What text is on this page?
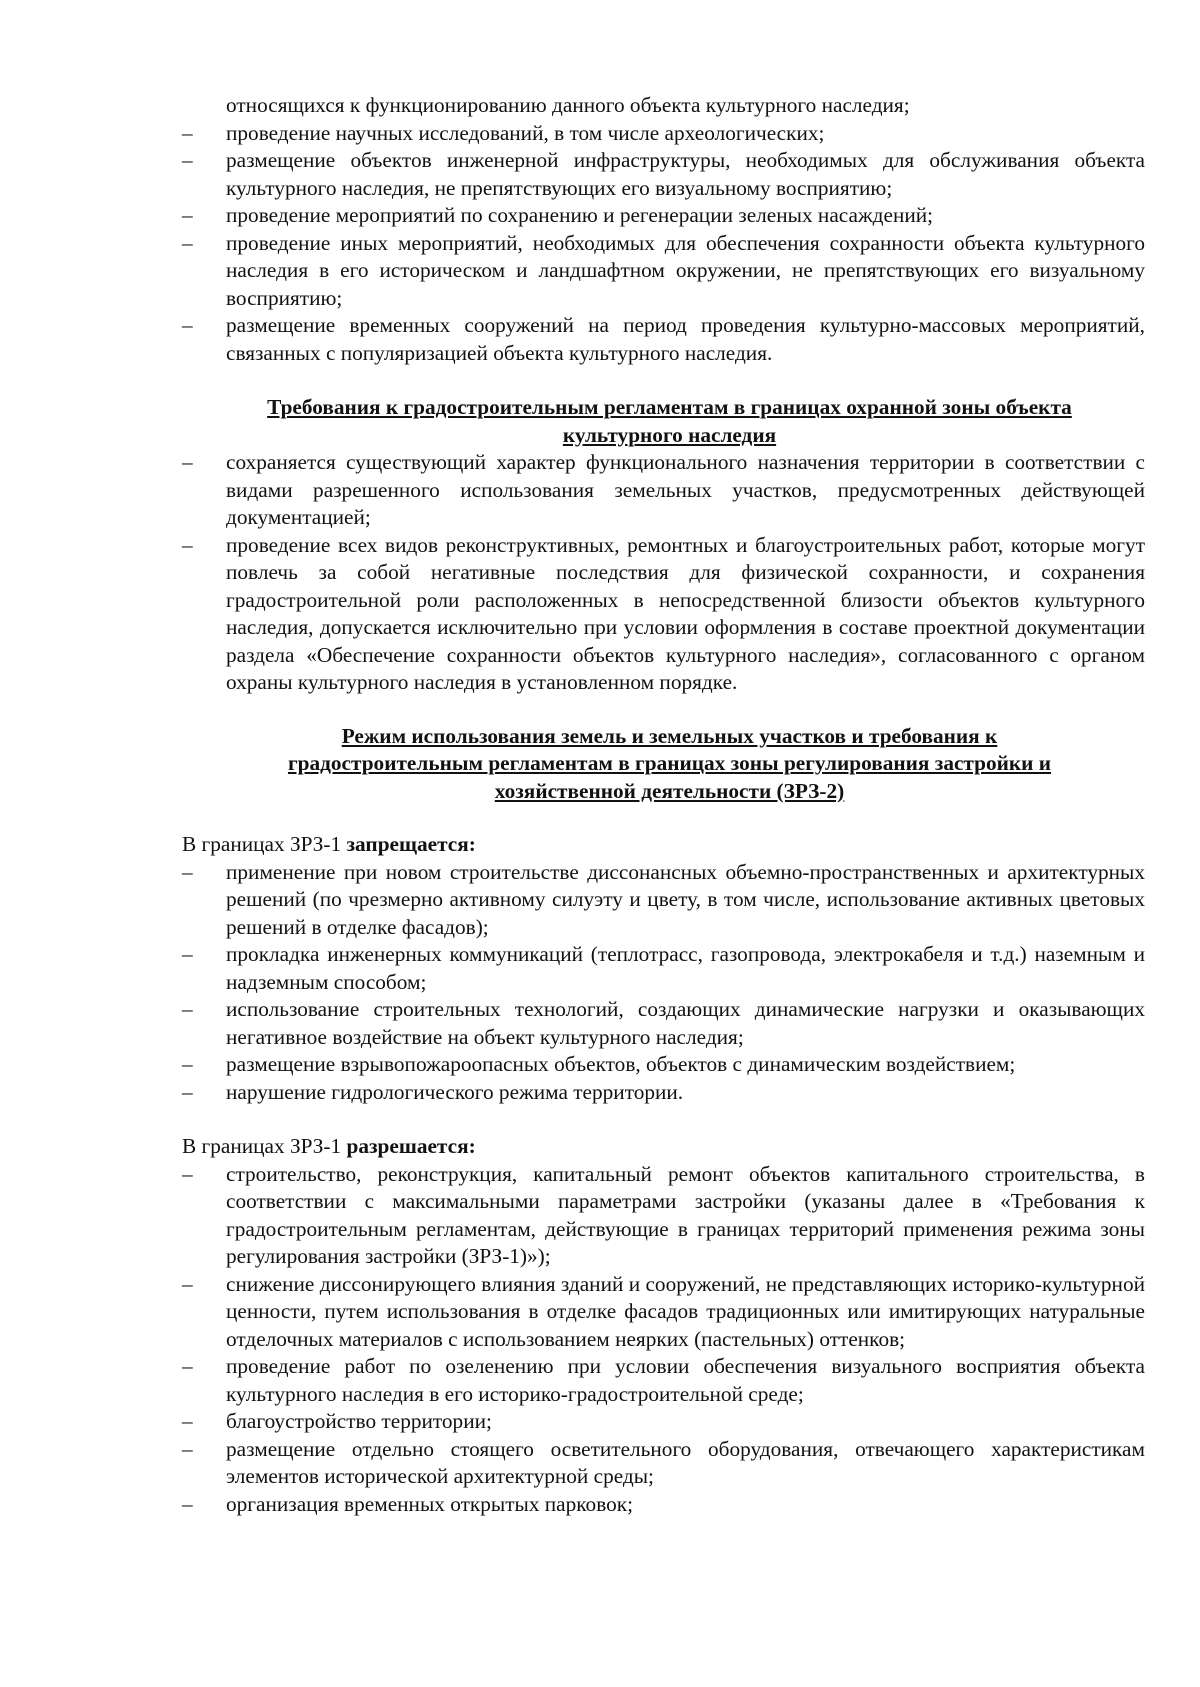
относящихся к функционированию данного объекта культурного наследия;

– проведение научных исследований, в том числе археологических;
– размещение объектов инженерной инфраструктуры, необходимых для обслуживания объекта культурного наследия, не препятствующих его визуальному восприятию;
– проведение мероприятий по сохранению и регенерации зеленых насаждений;
– проведение иных мероприятий, необходимых для обеспечения сохранности объекта культурного наследия в его историческом и ландшафтном окружении, не препятствующих его визуальному восприятию;
– размещение временных сооружений на период проведения культурно-массовых мероприятий, связанных с популяризацией объекта культурного наследия.
Требования к градостроительным регламентам в границах охранной зоны объекта
культурного наследия
– сохраняется существующий характер функционального назначения территории в соответствии с видами разрешенного использования земельных участков, предусмотренных действующей документацией;
– проведение всех видов реконструктивных, ремонтных и благоустроительных работ, которые могут повлечь за собой негативные последствия для физической сохранности, и сохранения градостроительной роли расположенных в непосредственной близости объектов культурного наследия, допускается исключительно при условии оформления в составе проектной документации раздела «Обеспечение сохранности объектов культурного наследия», согласованного с органом охраны культурного наследия в установленном порядке.
Режим использования земель и земельных участков и требования к
градостроительным регламентам в границах зоны регулирования застройки и
хозяйственной деятельности (ЗРЗ-2)
В границах ЗРЗ-1 запрещается:
– применение при новом строительстве диссонансных объемно-пространственных и архитектурных решений (по чрезмерно активному силуэту и цвету, в том числе, использование активных цветовых решений в отделке фасадов);
– прокладка инженерных коммуникаций (теплотрасс, газопровода, электрокабеля и т.д.) наземным и надземным способом;
– использование строительных технологий, создающих динамические нагрузки и оказывающих негативное воздействие на объект культурного наследия;
– размещение взрывопожароопасных объектов, объектов с динамическим воздействием;
– нарушение гидрологического режима территории.
В границах ЗРЗ-1 разрешается:
– строительство, реконструкция, капитальный ремонт объектов капитального строительства, в соответствии с максимальными параметрами застройки (указаны далее в «Требования к градостроительным регламентам, действующие в границах территорий применения режима зоны регулирования застройки (ЗРЗ-1)»);
– снижение диссонирующего влияния зданий и сооружений, не представляющих историко-культурной ценности, путем использования в отделке фасадов традиционных или имитирующих натуральные отделочных материалов с использованием неярких (пастельных) оттенков;
– проведение работ по озеленению при условии обеспечения визуального восприятия объекта культурного наследия в его историко-градостроительной среде;
– благоустройство территории;
– размещение отдельно стоящего осветительного оборудования, отвечающего характеристикам элементов исторической архитектурной среды;
– организация временных открытых парковок;
